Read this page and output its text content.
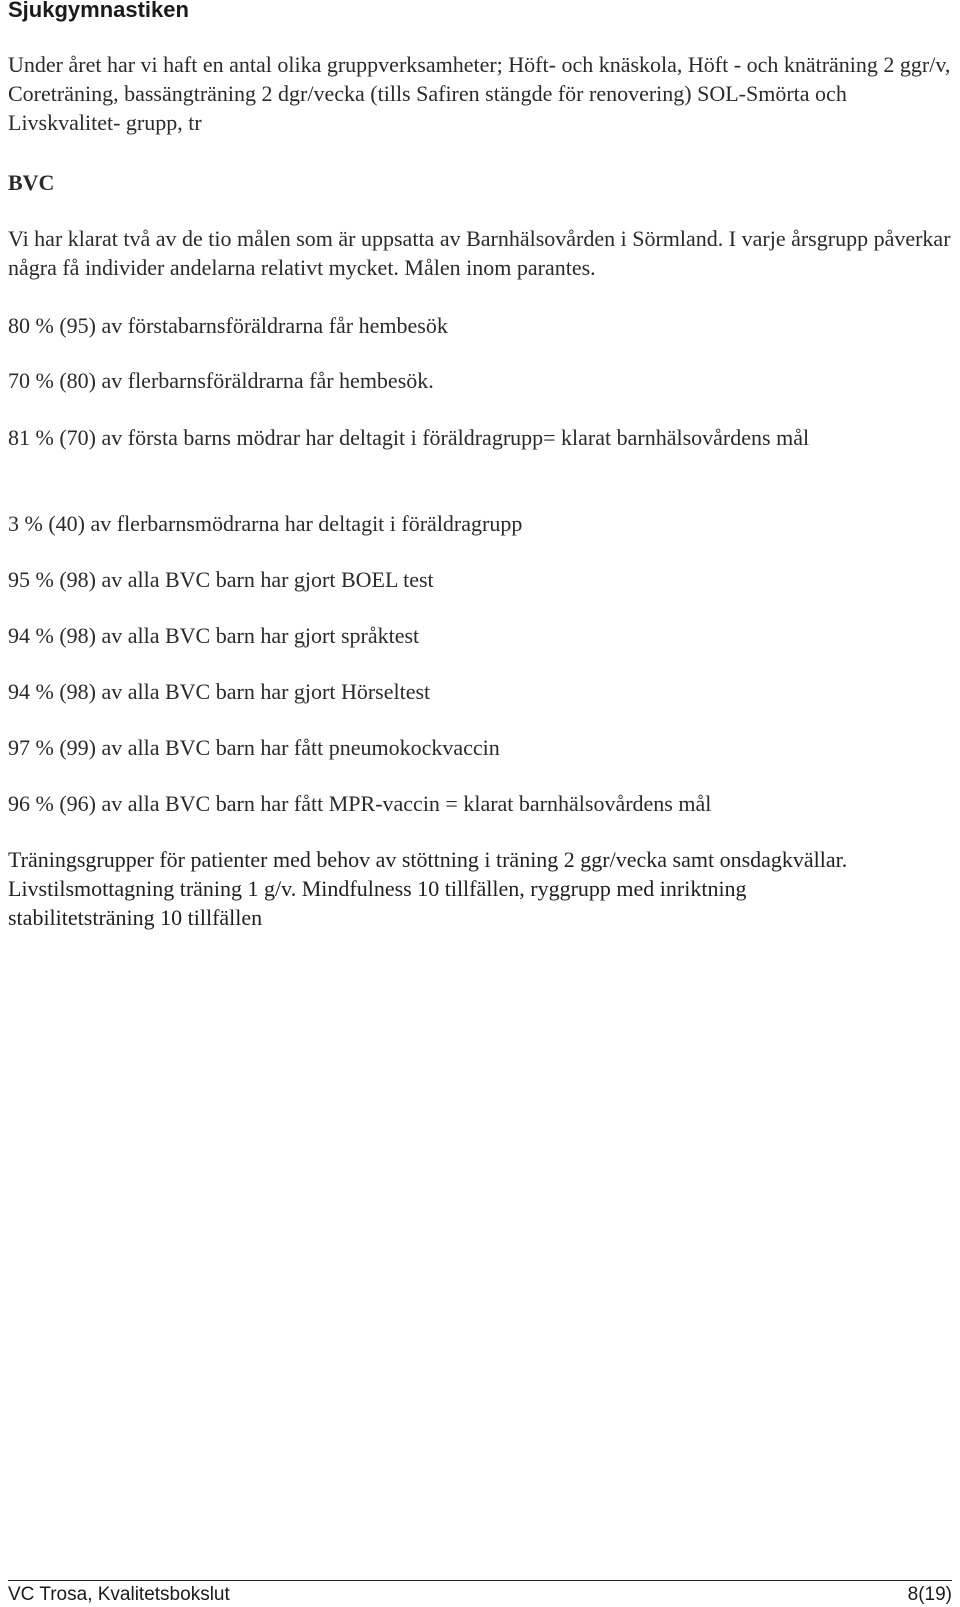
Sjukgymnastiken

Under året har vi haft en antal olika gruppverksamheter; Höft- och knäskola, Höft - och knäträning 2 ggr/v, Coreträning, bassängträning 2 dgr/vecka (tills Safiren stängde för renovering) SOL-Smörta och Livskvalitet- grupp, tr

BVC

Vi har klarat två av de tio målen som är uppsatta av Barnhälsovården i Sörmland. I varje årsgrupp påverkar några få individer andelarna relativt mycket. Målen inom parantes.

80 % (95) av förstabarnsföräldrarna får hembesök

70 % (80) av flerbarnsföräldrarna får hembesök.

81 % (70) av första barns mödrar har deltagit i föräldragrupp= klarat barnhälsovårdens mål

3 % (40) av flerbarnsmödrarna har deltagit i föräldragrupp

95 % (98) av alla BVC barn har gjort BOEL test

94 % (98) av alla BVC barn har gjort språktest

94 % (98) av alla BVC barn har gjort Hörseltest

97 % (99) av alla BVC barn har fått pneumokockvaccin

96 % (96) av alla BVC barn har fått MPR-vaccin = klarat barnhälsovårdens mål

Träningsgrupper för patienter med behov av stöttning i träning 2 ggr/vecka samt onsdagkvällar. Livstilsmottagning träning 1 g/v. Mindfulness 10 tillfällen, ryggrupp med inriktning stabilitetsträning 10 tillfällen

VC Trosa, Kvalitetsbokslut	8(19)
